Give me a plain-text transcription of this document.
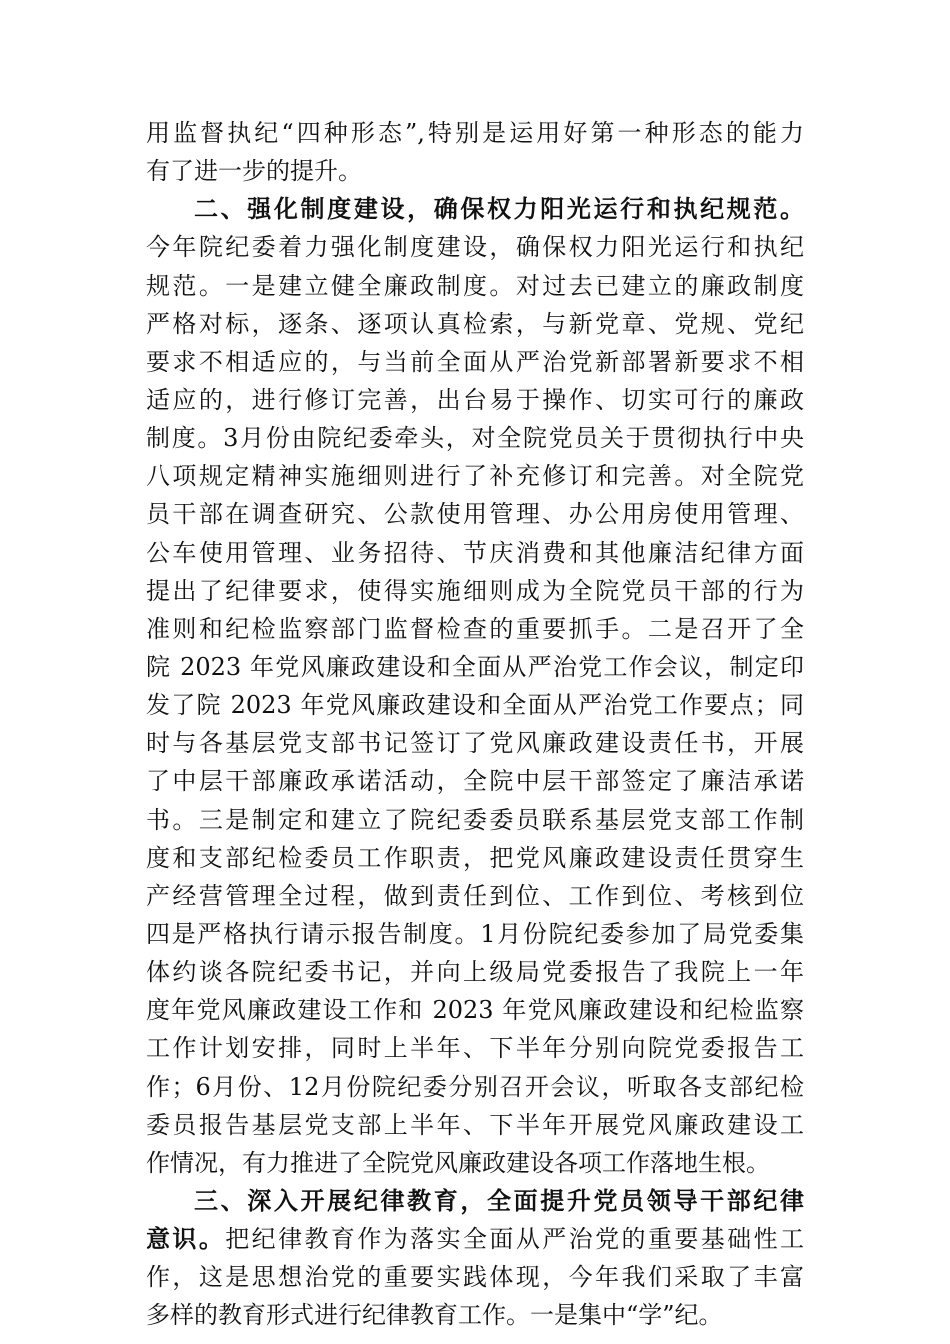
用监督执纪“四种形态”,特别是运用好第一种形态的能力
有了进一步的提升。
二、强化制度建设，确保权力阳光运行和执纪规范。
今年院纪委着力强化制度建设，确保权力阳光运行和执纪
规范。一是建立健全廉政制度。对过去已建立的廉政制度
严格对标，逐条、逐项认真检索，与新党章、党规、党纪
要求不相适应的，与当前全面从严治党新部署新要求不相
适应的，进行修订完善，出台易于操作、切实可行的廉政
制度。3月份由院纪委牵头，对全院党员关于贯彻执行中央
八项规定精神实施细则进行了补充修订和完善。对全院党
员干部在调查研究、公款使用管理、办公用房使用管理、
公车使用管理、业务招待、节庆消费和其他廉洁纪律方面
提出了纪律要求，使得实施细则成为全院党员干部的行为
准则和纪检监察部门监督检查的重要抓手。二是召开了全
院 2023 年党风廉政建设和全面从严治党工作会议，制定印
发了院 2023 年党风廉政建设和全面从严治党工作要点；同
时与各基层党支部书记签订了党风廉政建设责任书，开展
了中层干部廉政承诺活动，全院中层干部签定了廉洁承诺
书。三是制定和建立了院纪委委员联系基层党支部工作制
度和支部纪检委员工作职责，把党风廉政建设责任贯穿生
产经营管理全过程，做到责任到位、工作到位、考核到位
四是严格执行请示报告制度。1月份院纪委参加了局党委集
体约谈各院纪委书记，并向上级局党委报告了我院上一年
度年党风廉政建设工作和 2023 年党风廉政建设和纪检监察
工作计划安排，同时上半年、下半年分别向院党委报告工
作；6月份、12月份院纪委分别召开会议，听取各支部纪检
委员报告基层党支部上半年、下半年开展党风廉政建设工
作情况，有力推进了全院党风廉政建设各项工作落地生根。
三、深入开展纪律教育，全面提升党员领导干部纪律
意识。把纪律教育作为落实全面从严治党的重要基础性工
作，这是思想治党的重要实践体现，今年我们采取了丰富
多样的教育形式进行纪律教育工作。一是集中“学”纪。
